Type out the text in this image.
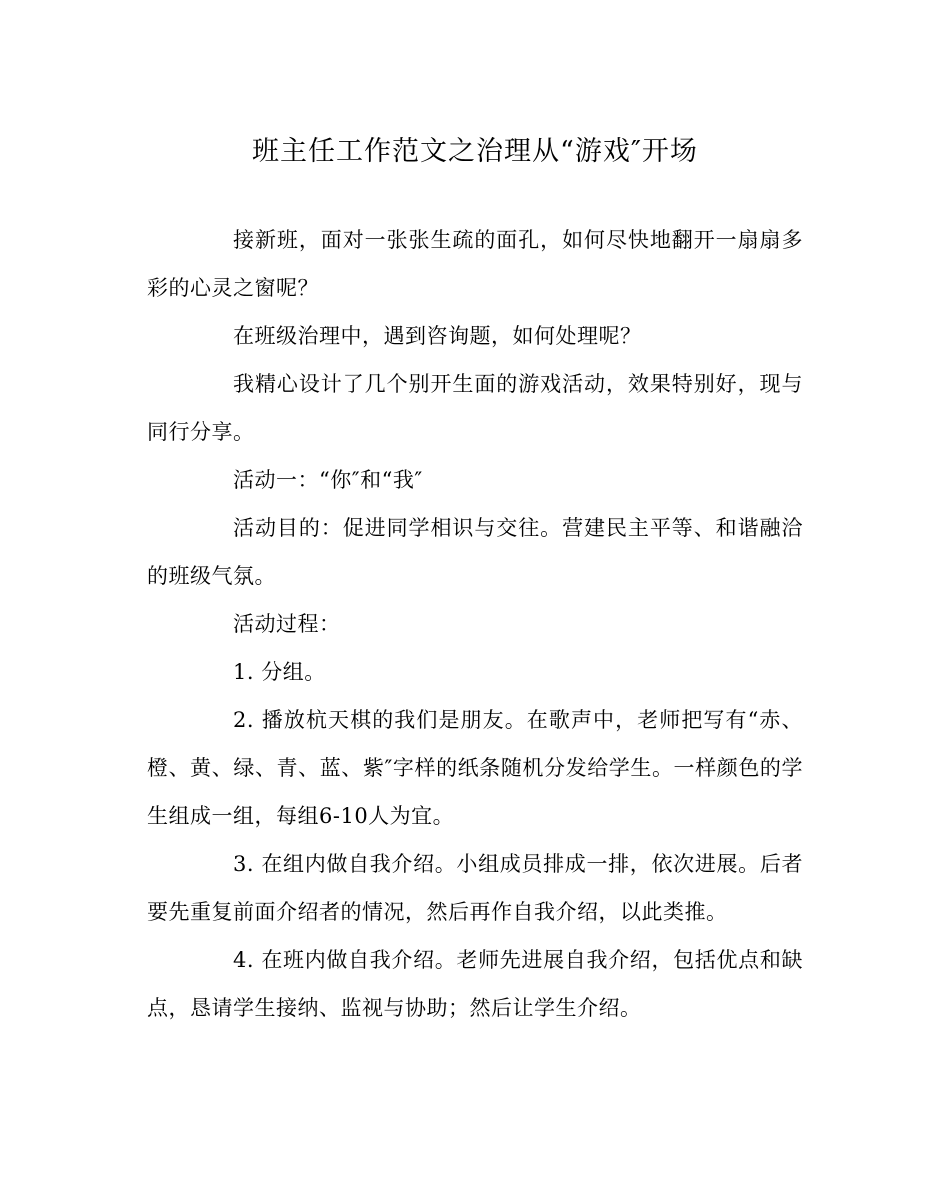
班主任工作范文之治理从“游戏″开场

接新班，面对一张张生疏的面孔，如何尽快地翻开一扇扇多彩的心灵之窗呢？

在班级治理中，遇到咨询题，如何处理呢？

我精心设计了几个别开生面的游戏活动，效果特别好，现与同行分享。

活动一：“你″和“我″

活动目的：促进同学相识与交往。营建民主平等、和谐融洽的班级气氛。

活动过程：

1. 分组。

2. 播放杭天棋的我们是朋友。在歌声中，老师把写有“赤、橙、黄、绿、青、蓝、紫″字样的纸条随机分发给学生。一样颜色的学生组成一组，每组6-10人为宜。

3. 在组内做自我介绍。小组成员排成一排，依次进展。后者要先重复前面介绍者的情况，然后再作自我介绍，以此类推。

4. 在班内做自我介绍。老师先进展自我介绍，包括优点和缺点，恳请学生接纳、监视与协助；然后让学生介绍。
